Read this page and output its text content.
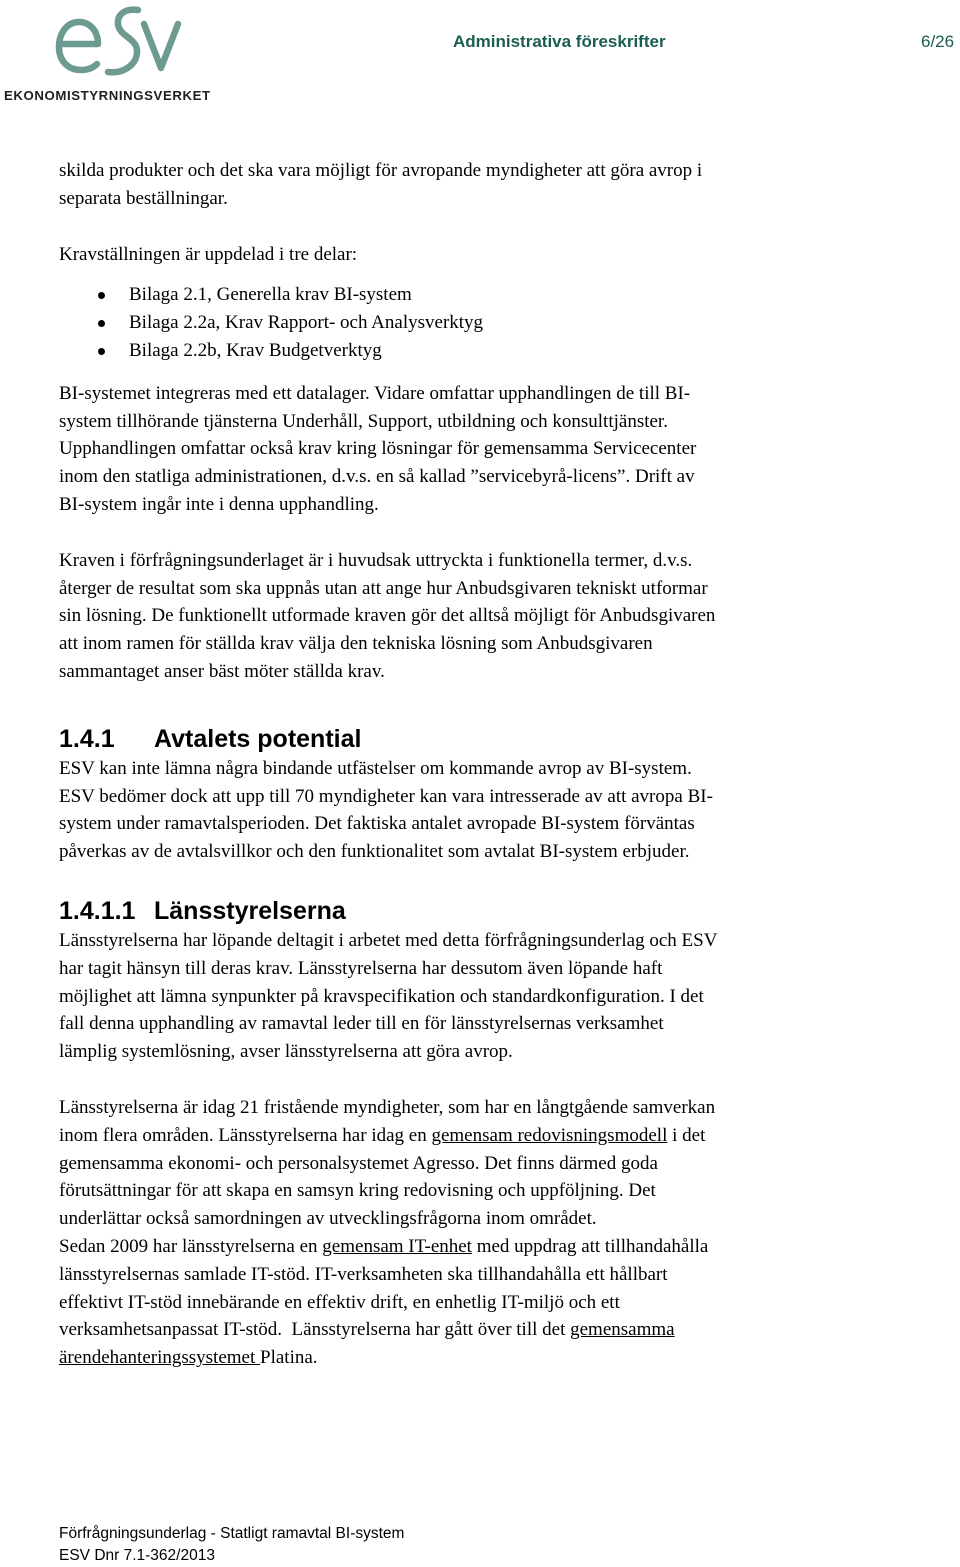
EKONOMISTYRNINGSVERKET
Administrativa föreskrifter	6/26

skilda produkter och det ska vara möjligt för avropande myndigheter att göra avrop i

separata beställningar.

Kravställningen är uppdelad i tre delar:

Bilaga 2.1, Generella krav BI-system
Bilaga 2.2a, Krav Rapport- och Analysverktyg
Bilaga 2.2b, Krav Budgetverktyg

BI-systemet integreras med ett datalager. Vidare omfattar upphandlingen de till BI-

system tillhörande tjänsterna Underhåll, Support, utbildning och konsulttjänster.

Upphandlingen omfattar också krav kring lösningar för gemensamma Servicecenter

inom den statliga administrationen, d.v.s. en så kallad ”servicebyrå-licens”. Drift av

BI-system ingår inte i denna upphandling.

Kraven i förfrågningsunderlaget är i huvudsak uttryckta i funktionella termer, d.v.s.

återger de resultat som ska uppnås utan att ange hur Anbudsgivaren tekniskt utformar

sin lösning. De funktionellt utformade kraven gör det alltså möjligt för Anbudsgivaren

att inom ramen för ställda krav välja den tekniska lösning som Anbudsgivaren

sammantaget anser bäst möter ställda krav.

1.4.1 Avtalets potential

ESV kan inte lämna några bindande utfästelser om kommande avrop av BI-system.

ESV bedömer dock att upp till 70 myndigheter kan vara intresserade av att avropa BI-

system under ramavtalsperioden. Det faktiska antalet avropade BI-system förväntas

påverkas av de avtalsvillkor och den funktionalitet som avtalat BI-system erbjuder.

1.4.1.1 Länsstyrelserna

Länsstyrelserna har löpande deltagit i arbetet med detta förfrågningsunderlag och ESV

har tagit hänsyn till deras krav. Länsstyrelserna har dessutom även löpande haft

möjlighet att lämna synpunkter på kravspecifikation och standardkonfiguration. I det

fall denna upphandling av ramavtal leder till en för länsstyrelsernas verksamhet

lämplig systemlösning, avser länsstyrelserna att göra avrop.

Länsstyrelserna är idag 21 fristående myndigheter, som har en långtgående samverkan

inom flera områden. Länsstyrelserna har idag en gemensam redovisningsmodell i det

gemensamma ekonomi- och personalsystemet Agresso. Det finns därmed goda

förutsättningar för att skapa en samsyn kring redovisning och uppföljning. Det

underlättar också samordningen av utvecklingsfrågorna inom området.

Sedan 2009 har länsstyrelserna en gemensam IT-enhet med uppdrag att tillhandahålla

länsstyrelsernas samlade IT-stöd. IT-verksamheten ska tillhandahålla ett hållbart

effektivt IT-stöd innebärande en effektiv drift, en enhetlig IT-miljö och ett

verksamhetsanpassat IT-stöd.  Länsstyrelserna har gått över till det gemensamma

ärendehanteringssystemet Platina.

Förfrågningsunderlag - Statligt ramavtal BI-system
ESV Dnr 7.1-362/2013
